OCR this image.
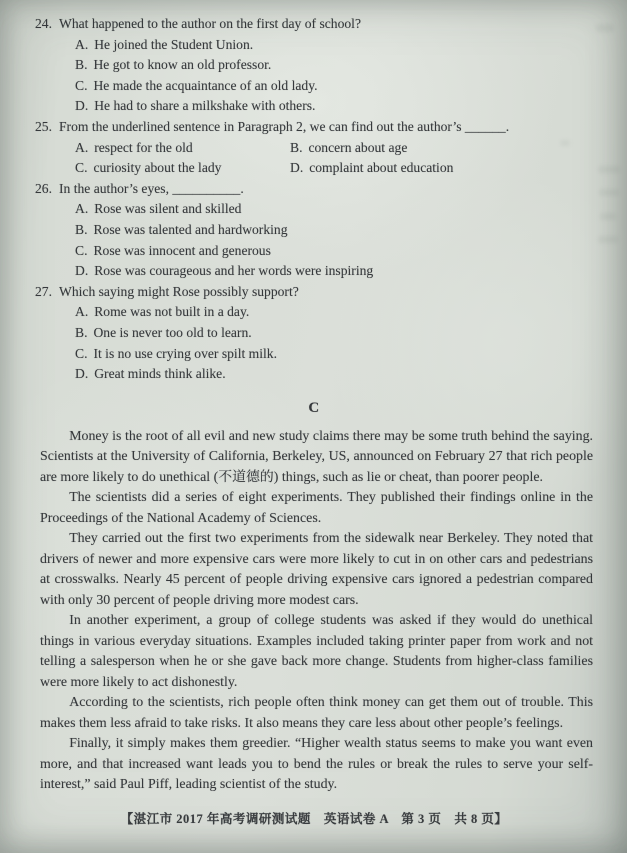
24. What happened to the author on the first day of school?
A. He joined the Student Union.
B. He got to know an old professor.
C. He made the acquaintance of an old lady.
D. He had to share a milkshake with others.
25. From the underlined sentence in Paragraph 2, we can find out the author’s ______.
A. respect for the old	B. concern about age
C. curiosity about the lady	D. complaint about education
26. In the author’s eyes, __________.
A. Rose was silent and skilled
B. Rose was talented and hardworking
C. Rose was innocent and generous
D. Rose was courageous and her words were inspiring
27. Which saying might Rose possibly support?
A. Rome was not built in a day.
B. One is never too old to learn.
C. It is no use crying over spilt milk.
D. Great minds think alike.
C

Money is the root of all evil and new study claims there may be some truth behind the saying. Scientists at the University of California, Berkeley, US, announced on February 27 that rich people are more likely to do unethical (不道德的) things, such as lie or cheat, than poorer people.

The scientists did a series of eight experiments. They published their findings online in the Proceedings of the National Academy of Sciences.

They carried out the first two experiments from the sidewalk near Berkeley. They noted that drivers of newer and more expensive cars were more likely to cut in on other cars and pedestrians at crosswalks. Nearly 45 percent of people driving expensive cars ignored a pedestrian compared with only 30 percent of people driving more modest cars.

In another experiment, a group of college students was asked if they would do unethical things in various everyday situations. Examples included taking printer paper from work and not telling a salesperson when he or she gave back more change. Students from higher-class families were more likely to act dishonestly.

According to the scientists, rich people often think money can get them out of trouble. This makes them less afraid to take risks. It also means they care less about other people’s feelings.

Finally, it simply makes them greedier. “Higher wealth status seems to make you want even more, and that increased want leads you to bend the rules or break the rules to serve your self-interest,” said Paul Piff, leading scientist of the study.

【湛江市 2017 年高考调研测试题　英语试卷 A　第 3 页　共 8 页】
